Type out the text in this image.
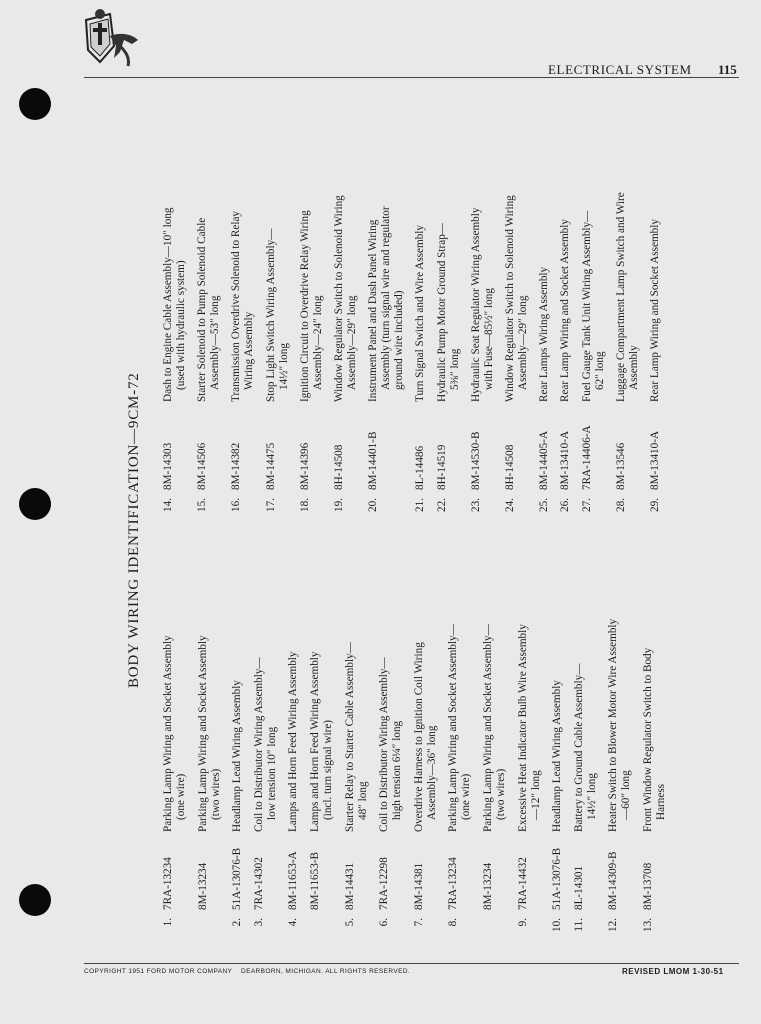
ELECTRICAL SYSTEM 115
BODY WIRING IDENTIFICATION—9CM-72
1.
7RA-13234
Parking Lamp Wiring and Socket Assembly (one wire)
8M-13234
Parking Lamp Wiring and Socket Assembly (two wires)
2.
51A-13076-B
Headlamp Lead Wiring Assembly
3.
7RA-14302
Coil to Distributor Wiring Assembly— low tension 10″ long
4.
8M-11653-A
Lamps and Horn Feed Wiring Assembly
8M-11653-B
Lamps and Horn Feed Wiring Assembly (incl. turn signal wire)
5.
8M-14431
Starter Relay to Starter Cable Assembly— 48″ long
6.
7RA-12298
Coil to Distributor Wiring Assembly— high tension 6¼″ long
7.
8M-14381
Overdrive Harness to Ignition Coil Wiring Assembly—36″ long
8.
7RA-13234
Parking Lamp Wiring and Socket Assembly— (one wire)
8M-13234
Parking Lamp Wiring and Socket Assembly— (two wires)
9.
7RA-14432
Excessive Heat Indicator Bulb Wire Assembly —12″ long
10.
51A-13076-B
Headlamp Lead Wiring Assembly
11.
8L-14301
Battery to Ground Cable Assembly— 14½″ long
12.
8M-14309-B
Heater Switch to Blower Motor Wire Assembly —60″ long
13.
8M-13708
Front Window Regulator Switch to Body Harness
14.
8M-14303
Dash to Engine Cable Assembly—10″ long (used with hydraulic system)
15.
8M-14506
Starter Solenoid to Pump Solenoid Cable Assembly—53″ long
16.
8M-14382
Transmission Overdrive Solenoid to Relay Wiring Assembly
17.
8M-14475
Stop Light Switch Wiring Assembly— 14½″ long
18.
8M-14396
Ignition Circuit to Overdrive Relay Wiring Assembly—24″ long
19.
8H-14508
Window Regulator Switch to Solenoid Wiring Assembly—29″ long
20.
8M-14401-B
Instrument Panel and Dash Panel Wiring Assembly (turn signal wire and regulator ground wire included)
21.
8L-14486
Turn Signal Switch and Wire Assembly
22.
8H-14519
Hydraulic Pump Motor Ground Strap— 5⅜″ long
23.
8M-14530-B
Hydraulic Seat Regulator Wiring Assembly with Fuse—85½″ long
24.
8H-14508
Window Regulator Switch to Solenoid Wiring Assembly—29″ long
25.
8M-14405-A
Rear Lamps Wiring Assembly
26.
8M-13410-A
Rear Lamp Wiring and Socket Assembly
27.
7RA-14406-A
Fuel Gauge Tank Unit Wiring Assembly— 62″ long
28.
8M-13546
Luggage Compartment Lamp Switch and Wire Assembly
29.
8M-13410-A
Rear Lamp Wiring and Socket Assembly
COPYRIGHT 1951 FORD MOTOR COMPANY    DEARBORN, MICHIGAN. ALL RIGHTS RESERVED.	REVISED LMOM 1-30-51
